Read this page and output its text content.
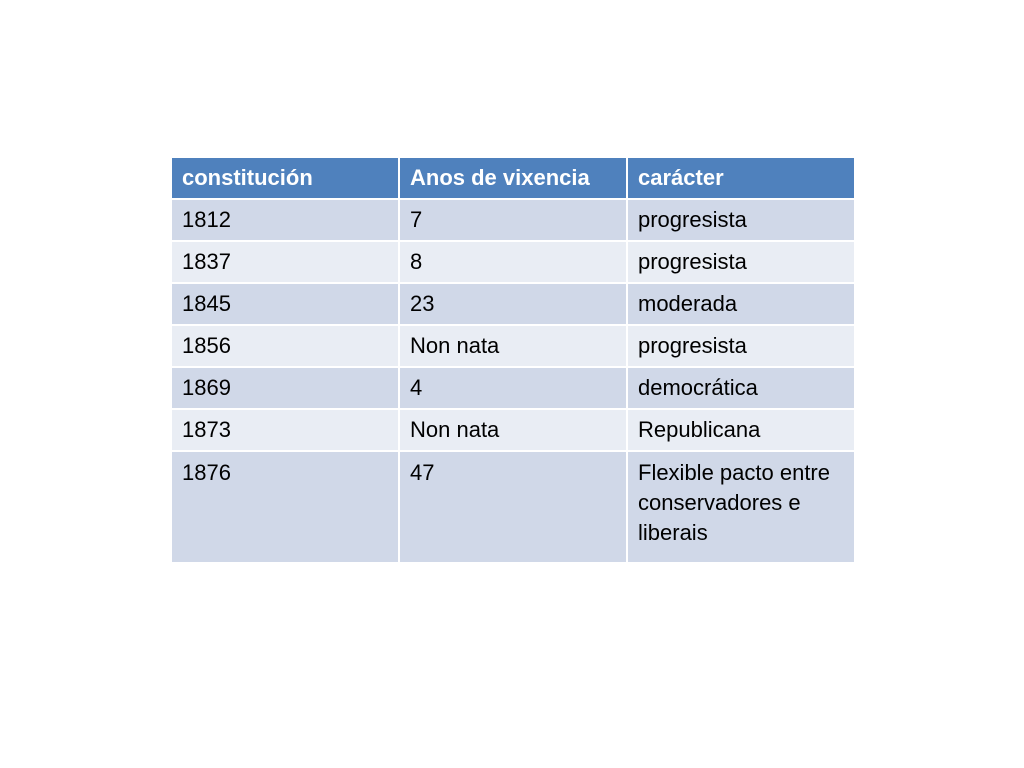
constitución	Anos de vixencia	carácter
1812	7	progresista
1837	8	progresista
1845	23	moderada
1856	Non nata	progresista
1869	4	democrática
1873	Non nata	Republicana
1876	47	Flexible pacto entre conservadores e liberais
